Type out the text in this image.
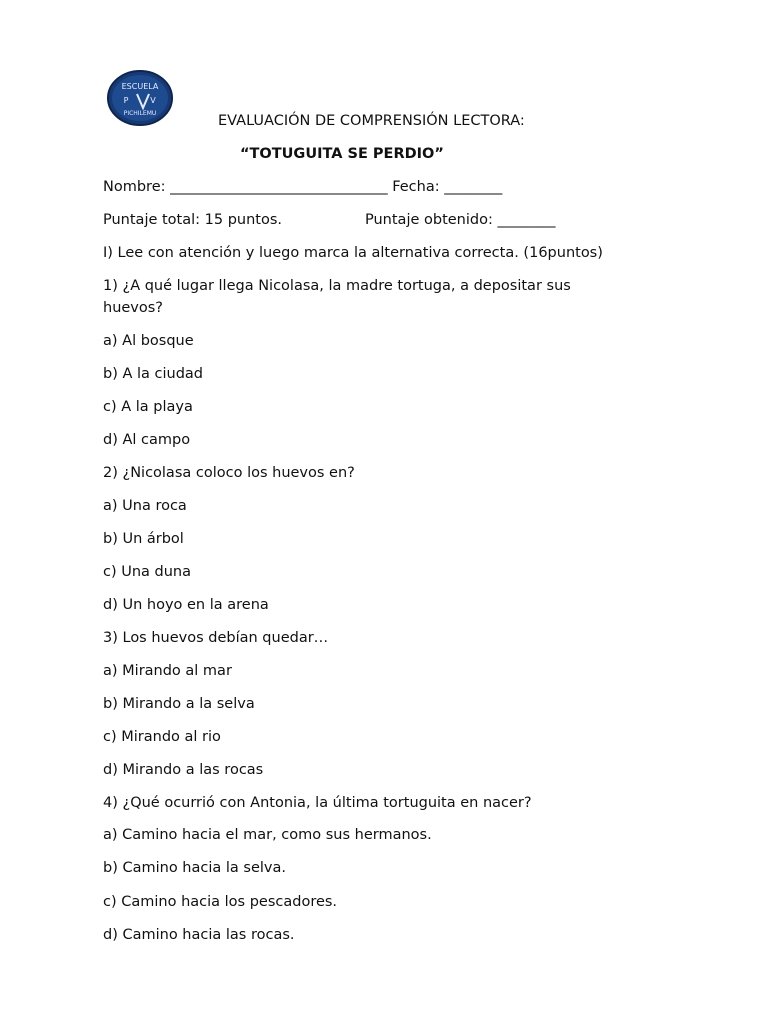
ESCUELA
P	V
PICHILEMU	EVALUACIÓN DE COMPRENSIÓN LECTORA:
“TOTUGUITA SE PERDIO”
Nombre: ______________________________ Fecha: ________
Puntaje total: 15 puntos.	Puntaje obtenido: ________
I) Lee con atención y luego marca la alternativa correcta. (16puntos)
1) ¿A qué lugar llega Nicolasa, la madre tortuga, a depositar sus huevos?
a) Al bosque
b) A la ciudad
c) A la playa
d) Al campo
2) ¿Nicolasa coloco los huevos en?
a) Una roca
b) Un árbol
c) Una duna
d) Un hoyo en la arena
3) Los huevos debían quedar…
a) Mirando al mar
b) Mirando a la selva
c) Mirando al rio
d) Mirando a las rocas
4) ¿Qué ocurrió con Antonia, la última tortuguita en nacer?
a) Camino hacia el mar, como sus hermanos.
b) Camino hacia la selva.
c) Camino hacia los pescadores.
d) Camino hacia las rocas.
